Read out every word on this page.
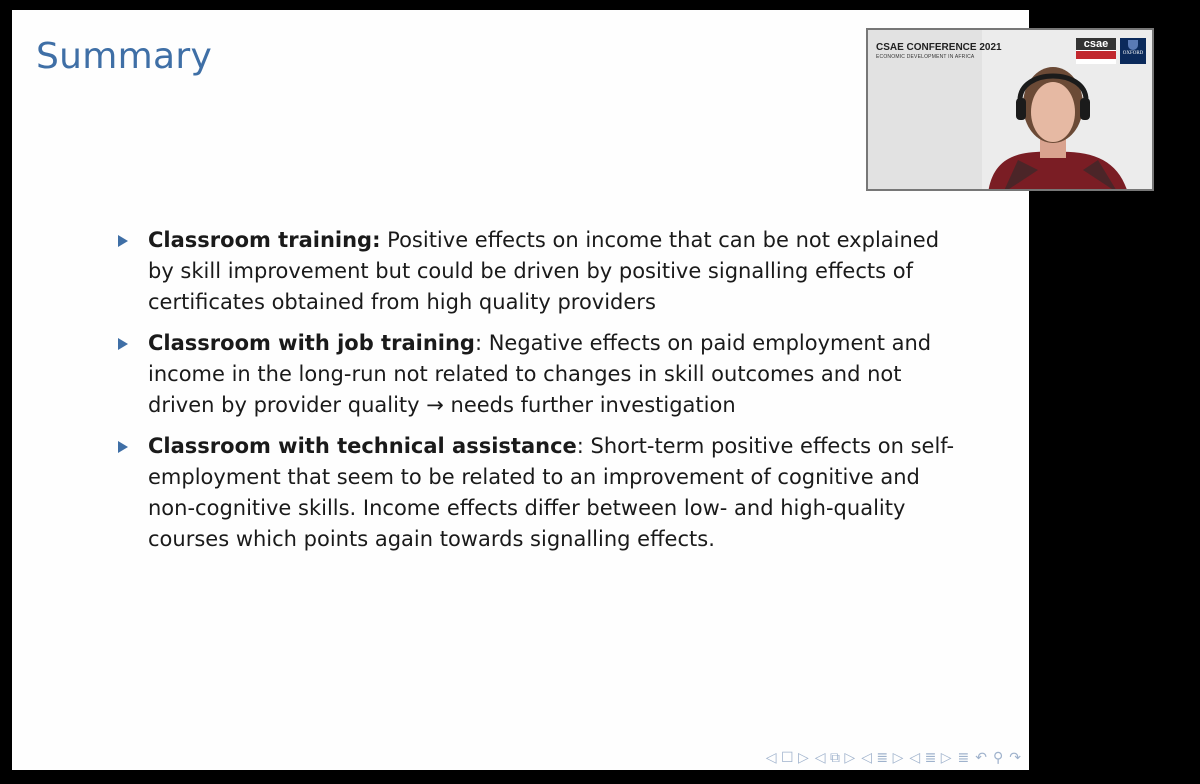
Summary
Classroom training: Positive effects on income that can be not explained by skill improvement but could be driven by positive signalling effects of certificates obtained from high quality providers
Classroom with job training: Negative effects on paid employment and income in the long-run not related to changes in skill outcomes and not driven by provider quality → needs further investigation
Classroom with technical assistance: Short-term positive effects on self-employment that seem to be related to an improvement of cognitive and non-cognitive skills. Income effects differ between low- and high-quality courses which points again towards signalling effects.
◁ ☐ ▷ ◁ ⧉ ▷ ◁ ≣ ▷ ◁ ≣ ▷ ≣ ↶ ⚲ ↷
CSAE CONFERENCE 2021
ECONOMIC DEVELOPMENT IN AFRICA
csae
OXFORD
